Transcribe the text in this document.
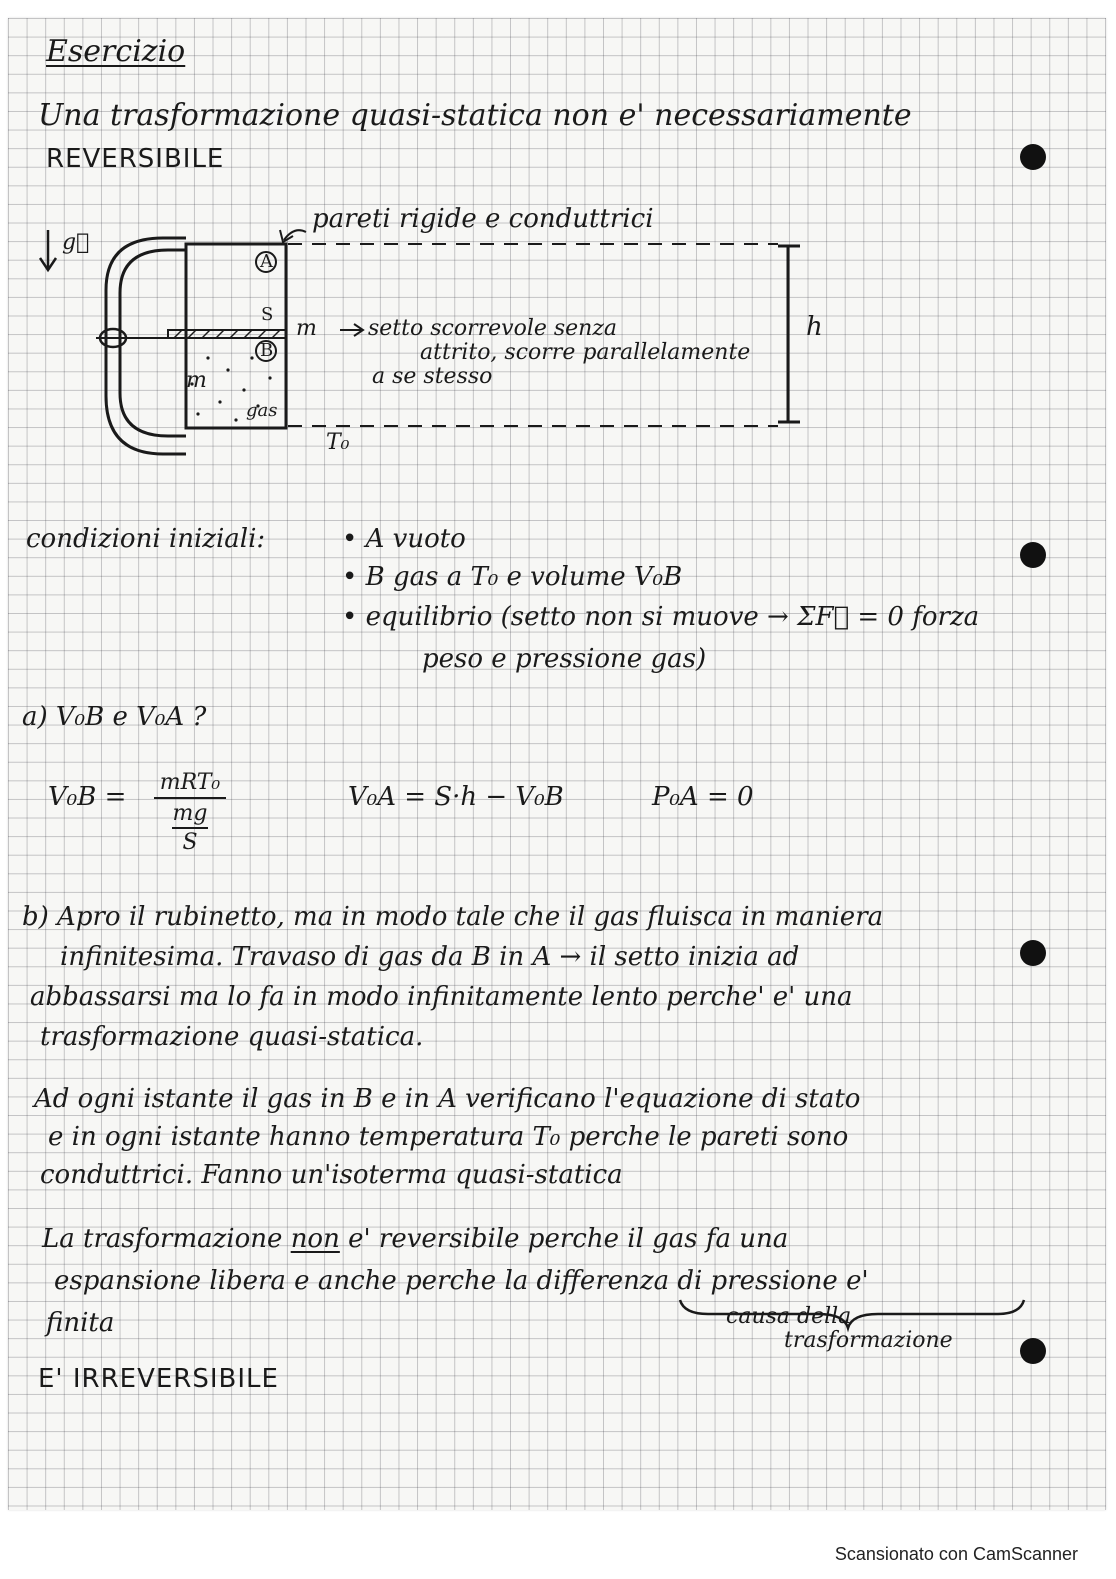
Esercizio
Una trasformazione quasi-statica non e' necessariamente
REVERSIBILE
g⃗
pareti rigide e conduttrici
A
S
m
B
m
gas
T₀
h
setto scorrevole senza
attrito, scorre parallelamente
a se stesso
condizioni iniziali:	• A vuoto
• B gas a T₀ e volume V₀B
• equilibrio (setto non si muove → ΣF⃗ = 0 forza
peso e pressione gas)
a) V₀B e V₀A ?
V₀B = mRT₀
mg
S
V₀A = S·h − V₀B	P₀A = 0
b) Apro il rubinetto, ma in modo tale che il gas fluisca in maniera
infinitesima. Travaso di gas da B in A → il setto inizia ad
abbassarsi ma lo fa in modo infinitamente lento perche' e' una
trasformazione quasi-statica.
Ad ogni istante il gas in B e in A verificano l'equazione di stato
e in ogni istante hanno temperatura T₀ perche le pareti sono
conduttrici. Fanno un'isoterma quasi-statica
La trasformazione non e' reversibile perche il gas fa una
espansione libera e anche perche la differenza di pressione e'
finita	causa della
trasformazione
E' IRREVERSIBILE
Scansionato con CamScanner
